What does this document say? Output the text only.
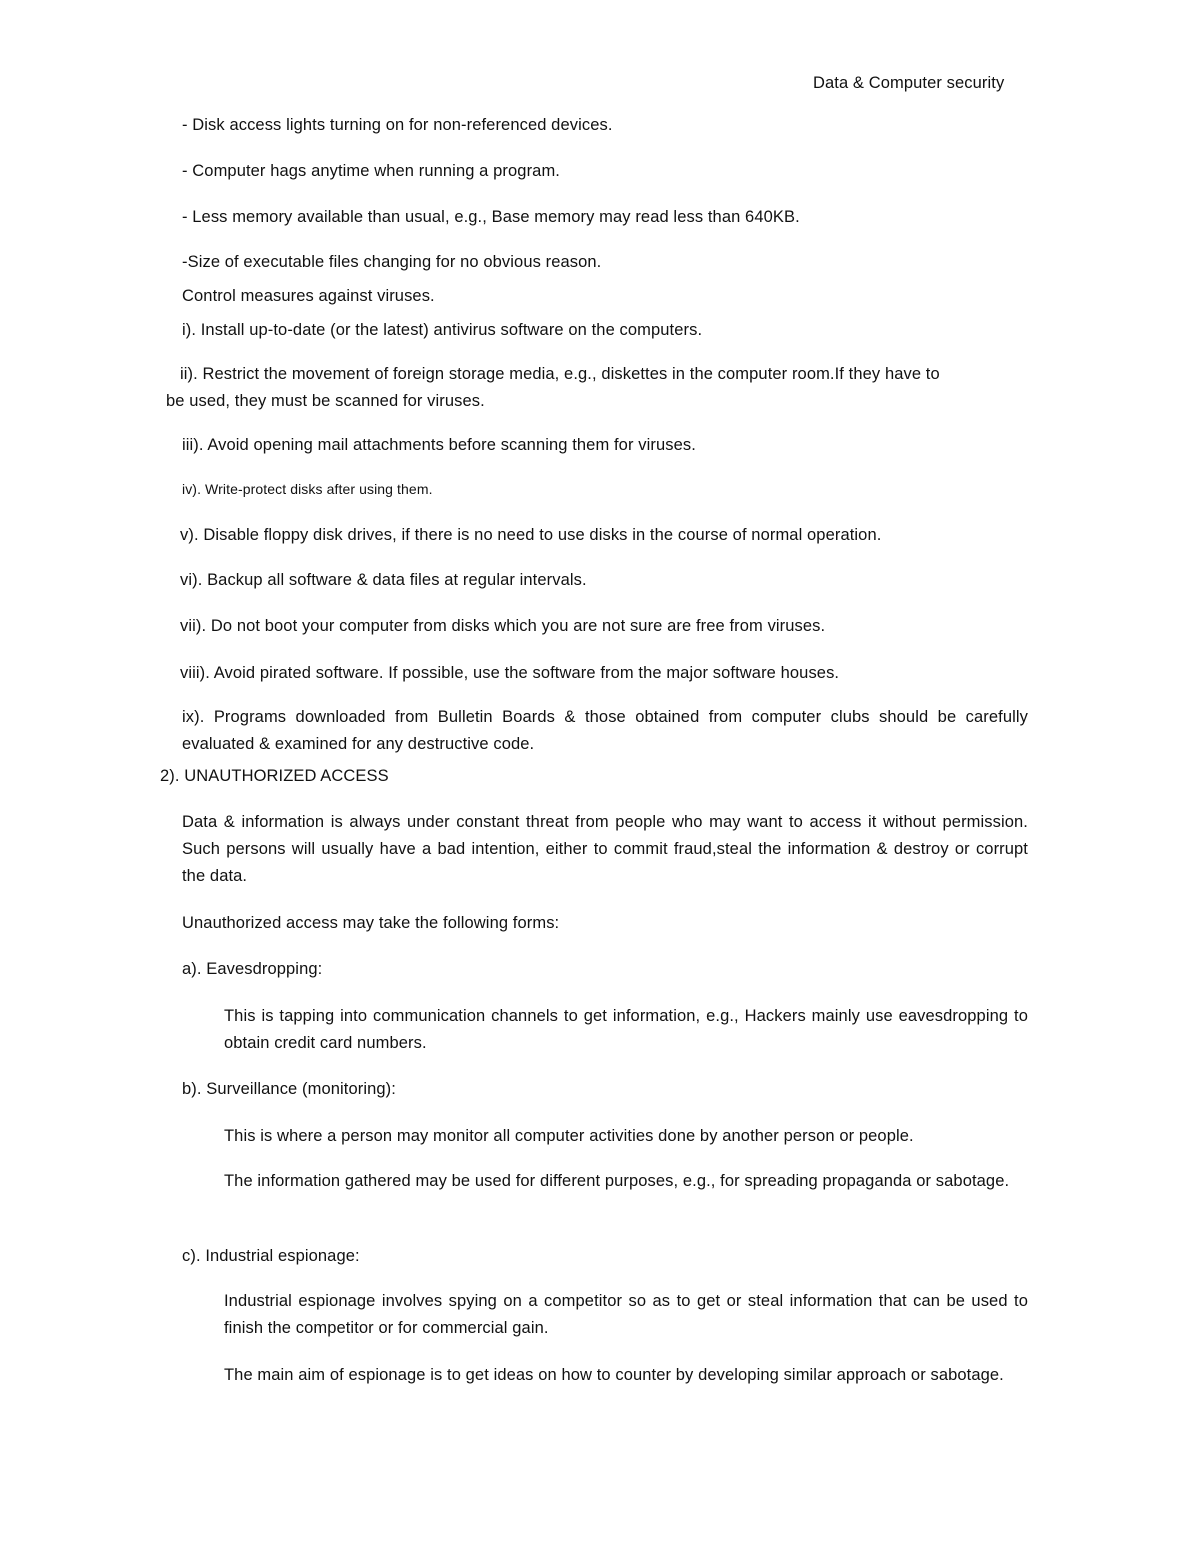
Data & Computer security
- Disk access lights turning on for non-referenced devices.
- Computer hags anytime when running a program.
- Less memory available than usual, e.g., Base memory may read less than 640KB.
-Size of executable files changing for no obvious reason.
Control measures against viruses.
i). Install up-to-date (or the latest) antivirus software on the computers.
ii). Restrict the movement of foreign storage media, e.g., diskettes in the computer room.If they have to
be used, they must be scanned for viruses.
iii). Avoid opening mail attachments before scanning them for viruses.
iv). Write-protect disks after using them.
v). Disable floppy disk drives, if there is no need to use disks in the course of normal operation.
vi). Backup all software & data files at regular intervals.
vii). Do not boot your computer from disks which you are not sure are free from viruses.
viii). Avoid pirated software. If possible, use the software from the major software houses.
ix). Programs downloaded from Bulletin Boards & those obtained from computer clubs should be carefully evaluated & examined for any destructive code.
2). UNAUTHORIZED ACCESS
Data & information is always under constant threat from people who may want to access it without permission. Such persons will usually have a bad intention, either to commit fraud,steal the information & destroy or corrupt the data.
Unauthorized access may take the following forms:
a). Eavesdropping:
This is tapping into communication channels to get information, e.g., Hackers mainly use eavesdropping to obtain credit card numbers.
b). Surveillance (monitoring):
This is where a person may monitor all computer activities done by another person or people.
The information gathered may be used for different purposes, e.g., for spreading propaganda or sabotage.
c). Industrial espionage:
Industrial espionage involves spying on a competitor so as to get or steal information that can be used to finish the competitor or for commercial gain.
The main aim of espionage is to get ideas on how to counter by developing similar approach or sabotage.
